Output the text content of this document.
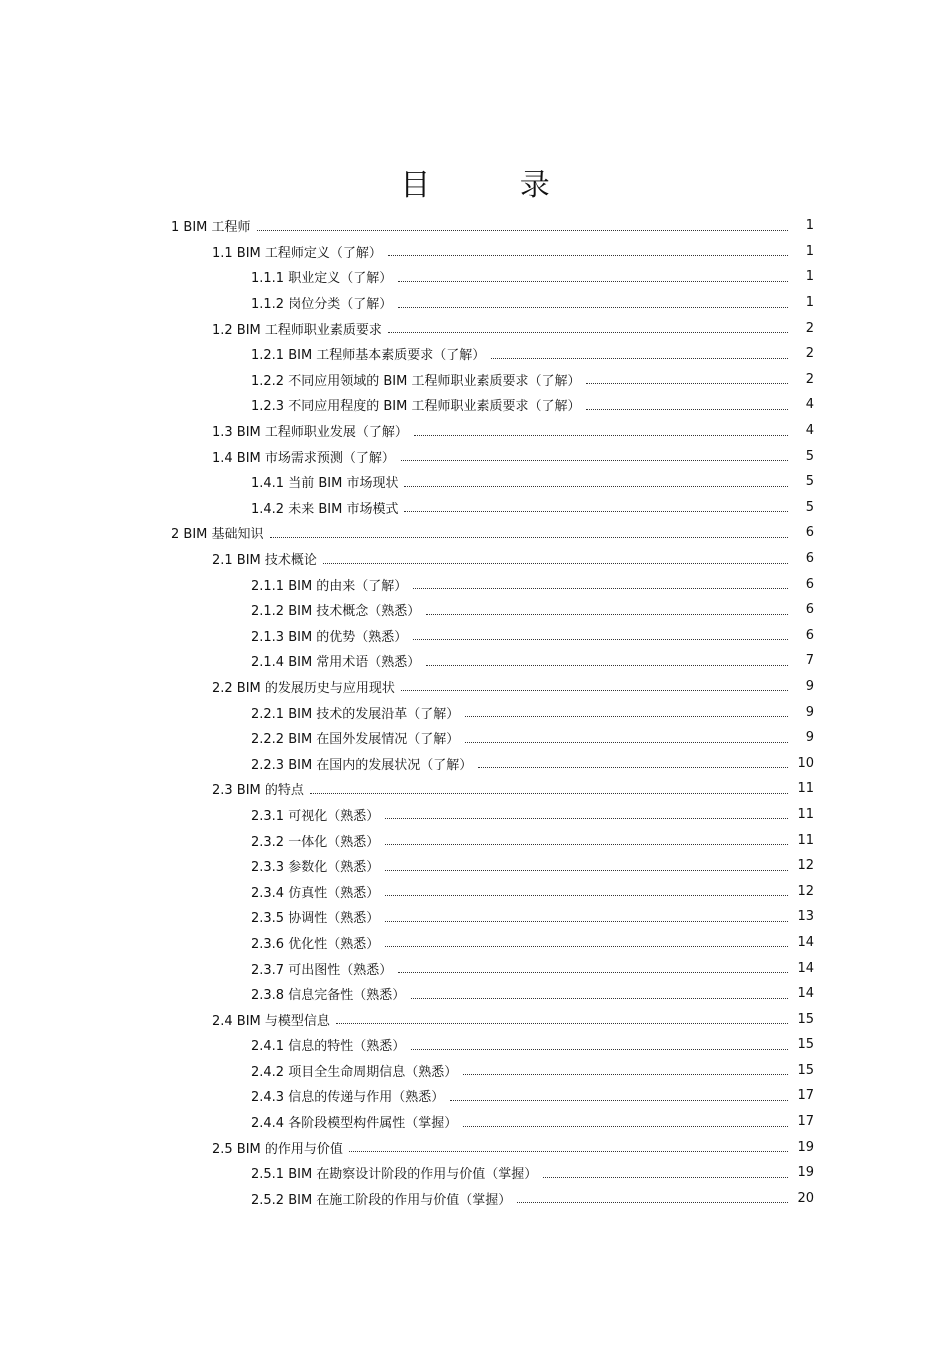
目 录
1 BIM 工程师	1
1.1 BIM 工程师定义（了解）	1
1.1.1 职业定义（了解）	1
1.1.2 岗位分类（了解）	1
1.2 BIM 工程师职业素质要求	2
1.2.1 BIM 工程师基本素质要求（了解）	2
1.2.2 不同应用领域的 BIM 工程师职业素质要求（了解）	2
1.2.3 不同应用程度的 BIM 工程师职业素质要求（了解）	4
1.3 BIM 工程师职业发展（了解）	4
1.4 BIM 市场需求预测（了解）	5
1.4.1 当前 BIM 市场现状	5
1.4.2 未来 BIM 市场模式	5
2 BIM 基础知识	6
2.1 BIM 技术概论	6
2.1.1 BIM 的由来（了解）	6
2.1.2 BIM 技术概念（熟悉）	6
2.1.3 BIM 的优势（熟悉）	6
2.1.4 BIM 常用术语（熟悉）	7
2.2 BIM 的发展历史与应用现状	9
2.2.1 BIM 技术的发展沿革（了解）	9
2.2.2 BIM 在国外发展情况（了解）	9
2.2.3 BIM 在国内的发展状况（了解）	10
2.3 BIM 的特点	11
2.3.1 可视化（熟悉）	11
2.3.2 一体化（熟悉）	11
2.3.3 参数化（熟悉）	12
2.3.4 仿真性（熟悉）	12
2.3.5 协调性（熟悉）	13
2.3.6 优化性（熟悉）	14
2.3.7 可出图性（熟悉）	14
2.3.8 信息完备性（熟悉）	14
2.4 BIM 与模型信息	15
2.4.1 信息的特性（熟悉）	15
2.4.2 项目全生命周期信息（熟悉）	15
2.4.3 信息的传递与作用（熟悉）	17
2.4.4 各阶段模型构件属性（掌握）	17
2.5 BIM 的作用与价值	19
2.5.1 BIM 在勘察设计阶段的作用与价值（掌握）	19
2.5.2 BIM 在施工阶段的作用与价值（掌握）	20
